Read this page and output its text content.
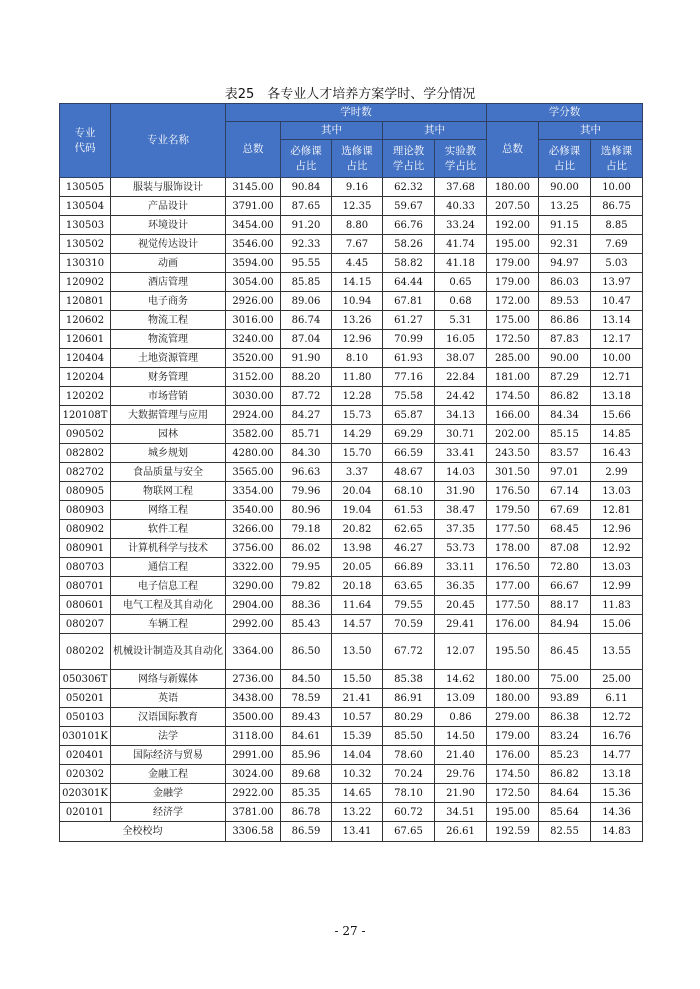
表25　各专业人才培养方案学时、学分情况
专业代码	专业名称	学时数					学分数		
		总数	其中		其中		总数	其中	
			必修课占比	选修课占比	理论教学占比	实验教学占比		必修课占比	选修课占比
130505	服装与服饰设计	3145.00	90.84	9.16	62.32	37.68	180.00	90.00	10.00
130504	产品设计	3791.00	87.65	12.35	59.67	40.33	207.50	13.25	86.75
130503	环境设计	3454.00	91.20	8.80	66.76	33.24	192.00	91.15	8.85
130502	视觉传达设计	3546.00	92.33	7.67	58.26	41.74	195.00	92.31	7.69
130310	动画	3594.00	95.55	4.45	58.82	41.18	179.00	94.97	5.03
120902	酒店管理	3054.00	85.85	14.15	64.44	0.65	179.00	86.03	13.97
120801	电子商务	2926.00	89.06	10.94	67.81	0.68	172.00	89.53	10.47
120602	物流工程	3016.00	86.74	13.26	61.27	5.31	175.00	86.86	13.14
120601	物流管理	3240.00	87.04	12.96	70.99	16.05	172.50	87.83	12.17
120404	土地资源管理	3520.00	91.90	8.10	61.93	38.07	285.00	90.00	10.00
120204	财务管理	3152.00	88.20	11.80	77.16	22.84	181.00	87.29	12.71
120202	市场营销	3030.00	87.72	12.28	75.58	24.42	174.50	86.82	13.18
120108T	大数据管理与应用	2924.00	84.27	15.73	65.87	34.13	166.00	84.34	15.66
090502	园林	3582.00	85.71	14.29	69.29	30.71	202.00	85.15	14.85
082802	城乡规划	4280.00	84.30	15.70	66.59	33.41	243.50	83.57	16.43
082702	食品质量与安全	3565.00	96.63	3.37	48.67	14.03	301.50	97.01	2.99
080905	物联网工程	3354.00	79.96	20.04	68.10	31.90	176.50	67.14	13.03
080903	网络工程	3540.00	80.96	19.04	61.53	38.47	179.50	67.69	12.81
080902	软件工程	3266.00	79.18	20.82	62.65	37.35	177.50	68.45	12.96
080901	计算机科学与技术	3756.00	86.02	13.98	46.27	53.73	178.00	87.08	12.92
080703	通信工程	3322.00	79.95	20.05	66.89	33.11	176.50	72.80	13.03
080701	电子信息工程	3290.00	79.82	20.18	63.65	36.35	177.00	66.67	12.99
080601	电气工程及其自动化	2904.00	88.36	11.64	79.55	20.45	177.50	88.17	11.83
080207	车辆工程	2992.00	85.43	14.57	70.59	29.41	176.00	84.94	15.06
080202	机械设计制造及其自动化	3364.00	86.50	13.50	67.72	12.07	195.50	86.45	13.55
050306T	网络与新媒体	2736.00	84.50	15.50	85.38	14.62	180.00	75.00	25.00
050201	英语	3438.00	78.59	21.41	86.91	13.09	180.00	93.89	6.11
050103	汉语国际教育	3500.00	89.43	10.57	80.29	0.86	279.00	86.38	12.72
030101K	法学	3118.00	84.61	15.39	85.50	14.50	179.00	83.24	16.76
020401	国际经济与贸易	2991.00	85.96	14.04	78.60	21.40	176.00	85.23	14.77
020302	金融工程	3024.00	89.68	10.32	70.24	29.76	174.50	86.82	13.18
020301K	金融学	2922.00	85.35	14.65	78.10	21.90	172.50	84.64	15.36
020101	经济学	3781.00	86.78	13.22	60.72	34.51	195.00	85.64	14.36
全校校均		3306.58	86.59	13.41	67.65	26.61	192.59	82.55	14.83
- 27 -
